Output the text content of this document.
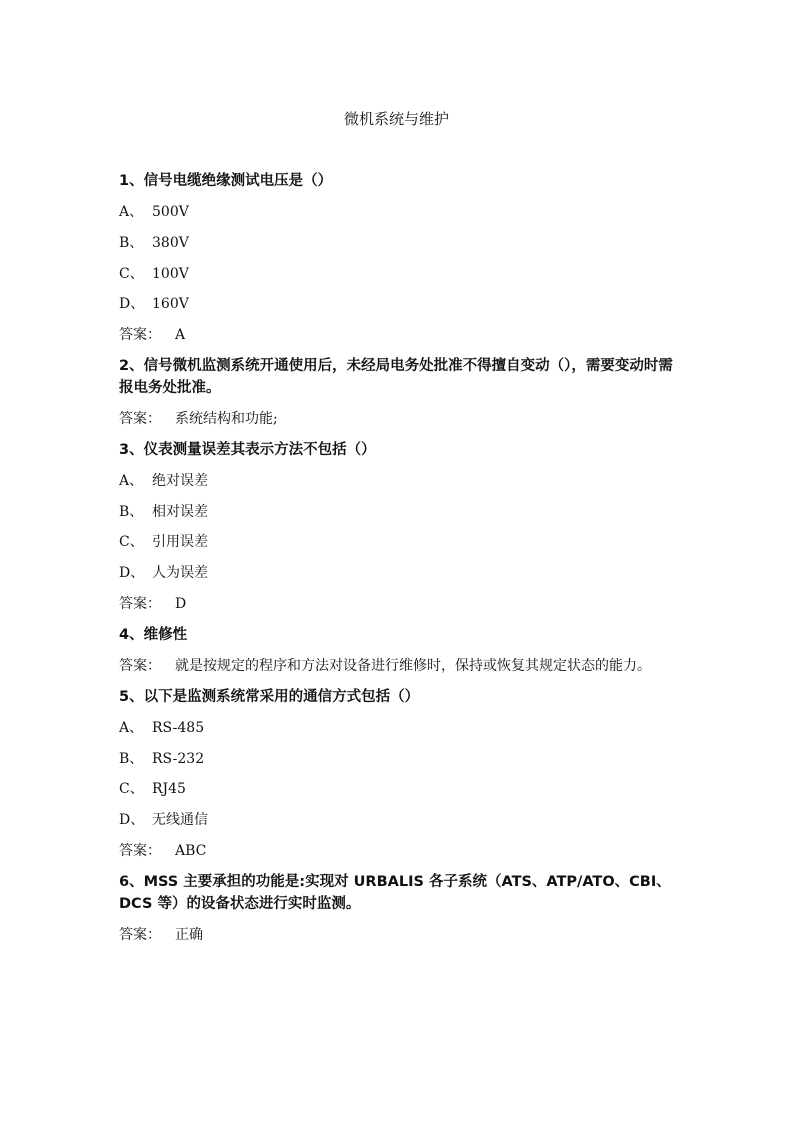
微机系统与维护
1、信号电缆绝缘测试电压是（）
A、 500V
B、 380V
C、 100V
D、 160V
答案： A
2、信号微机监测系统开通使用后，未经局电务处批准不得擅自变动（），需要变动时需报电务处批准。
答案： 系统结构和功能;
3、仪表测量误差其表示方法不包括（）
A、 绝对误差
B、 相对误差
C、 引用误差
D、 人为误差
答案： D
4、维修性
答案： 就是按规定的程序和方法对设备进行维修时，保持或恢复其规定状态的能力。
5、以下是监测系统常采用的通信方式包括（）
A、 RS-485
B、 RS-232
C、 RJ45
D、 无线通信
答案： ABC
6、MSS 主要承担的功能是:实现对 URBALIS 各子系统（ATS、ATP/ATO、CBI、DCS 等）的设备状态进行实时监测。
答案： 正确
